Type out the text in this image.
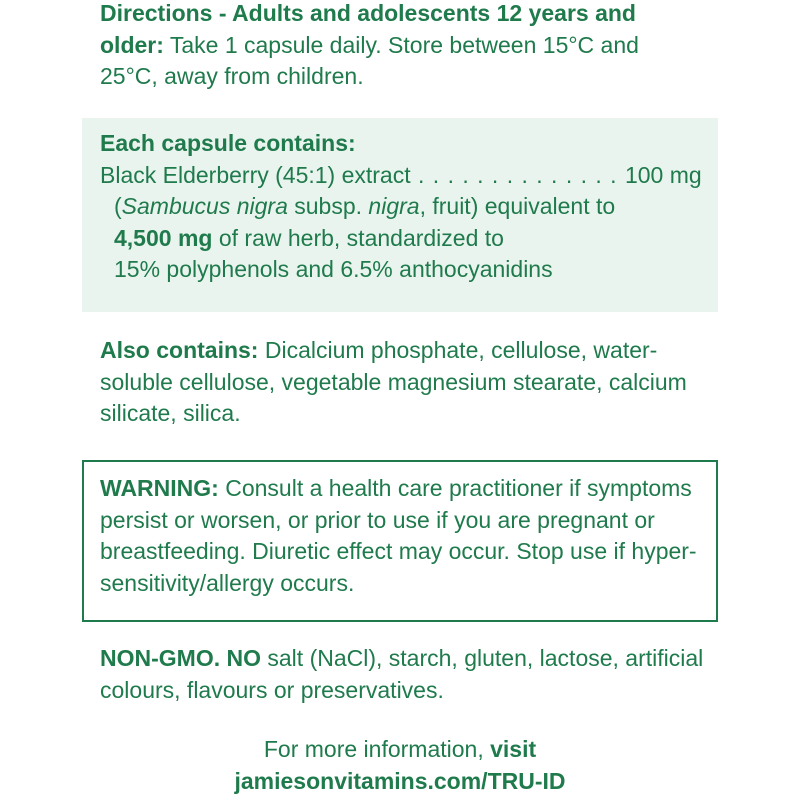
Directions - Adults and adolescents 12 years and older: Take 1 capsule daily. Store between 15°C and 25°C, away from children.
Each capsule contains:
Black Elderberry (45:1) extract . . . . . . . . . . . . . . 100 mg
(Sambucus nigra subsp. nigra, fruit) equivalent to
4,500 mg of raw herb, standardized to
15% polyphenols and 6.5% anthocyanidins
Also contains: Dicalcium phosphate, cellulose, water-soluble cellulose, vegetable magnesium stearate, calcium silicate, silica.
WARNING: Consult a health care practitioner if symptoms persist or worsen, or prior to use if you are pregnant or breastfeeding. Diuretic effect may occur. Stop use if hyper-sensitivity/allergy occurs.
NON-GMO. NO salt (NaCl), starch, gluten, lactose, artificial colours, flavours or preservatives.
For more information, visit
jamiesonvitamins.com/TRU-ID
